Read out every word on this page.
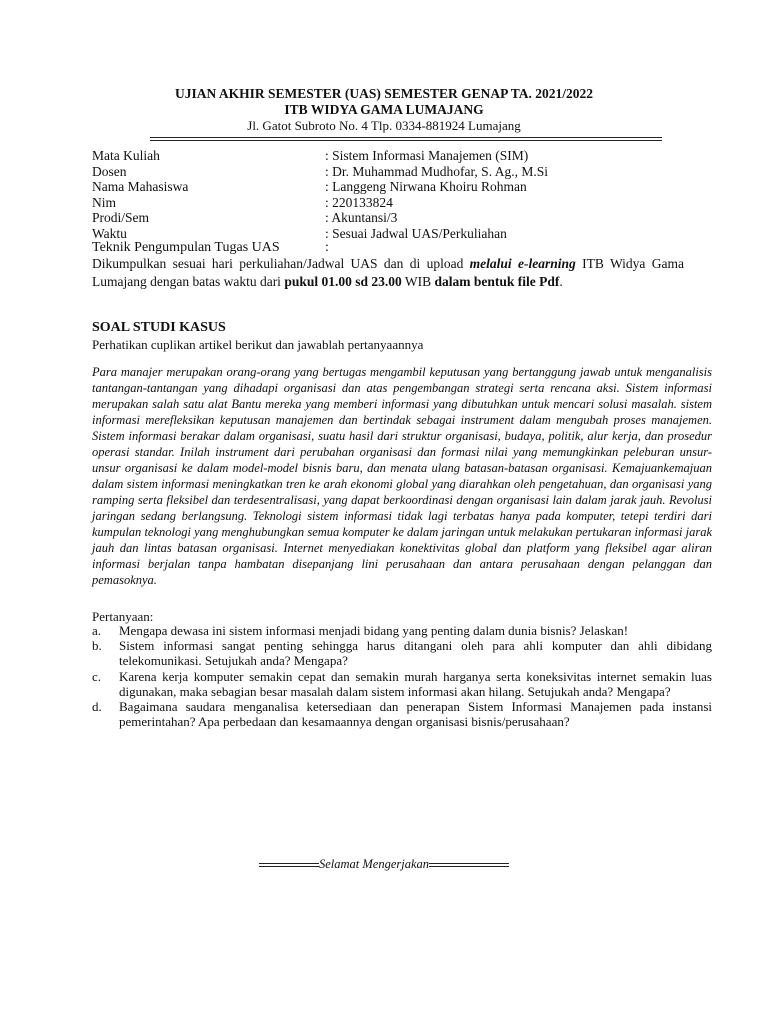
UJIAN AKHIR SEMESTER (UAS) SEMESTER GENAP TA. 2021/2022
ITB WIDYA GAMA LUMAJANG
Jl. Gatot Subroto No. 4 Tlp. 0334-881924 Lumajang
Mata Kuliah	: Sistem Informasi Manajemen (SIM)
Dosen	: Dr. Muhammad Mudhofar, S. Ag., M.Si
Nama Mahasiswa	: Langgeng Nirwana Khoiru Rohman
Nim	: 220133824
Prodi/Sem	: Akuntansi/3
Waktu	: Sesuai Jadwal UAS/Perkuliahan
Teknik Pengumpulan Tugas UAS	:
Dikumpulkan sesuai hari perkuliahan/Jadwal UAS dan di upload melalui e-learning ITB Widya Gama Lumajang dengan batas waktu dari pukul 01.00 sd 23.00 WIB dalam bentuk file Pdf.
SOAL STUDI KASUS
Perhatikan cuplikan artikel berikut dan jawablah pertanyaannya
Para manajer merupakan orang-orang yang bertugas mengambil keputusan yang bertanggung jawab untuk menganalisis tantangan-tantangan yang dihadapi organisasi dan atas pengembangan strategi serta rencana aksi. Sistem informasi merupakan salah satu alat Bantu mereka yang memberi informasi yang dibutuhkan untuk mencari solusi masalah. sistem informasi merefleksikan keputusan manajemen dan bertindak sebagai instrument dalam mengubah proses manajemen. Sistem informasi berakar dalam organisasi, suatu hasil dari struktur organisasi, budaya, politik, alur kerja, dan prosedur operasi standar. Inilah instrument dari perubahan organisasi dan formasi nilai yang memungkinkan peleburan unsur-unsur organisasi ke dalam model-model bisnis baru, dan menata ulang batasan-batasan organisasi. Kemajuankemajuan dalam sistem informasi meningkatkan tren ke arah ekonomi global yang diarahkan oleh pengetahuan, dan organisasi yang ramping serta fleksibel dan terdesentralisasi, yang dapat berkoordinasi dengan organisasi lain dalam jarak jauh. Revolusi jaringan sedang berlangsung. Teknologi sistem informasi tidak lagi terbatas hanya pada komputer, tetepi terdiri dari kumpulan teknologi yang menghubungkan semua komputer ke dalam jaringan untuk melakukan pertukaran informasi jarak jauh dan lintas batasan organisasi. Internet menyediakan konektivitas global dan platform yang fleksibel agar aliran informasi berjalan tanpa hambatan disepanjang lini perusahaan dan antara perusahaan dengan pelanggan dan pemasoknya.
Pertanyaan:
a.	Mengapa dewasa ini sistem informasi menjadi bidang yang penting dalam dunia bisnis? Jelaskan!
b.	Sistem informasi sangat penting sehingga harus ditangani oleh para ahli komputer dan ahli dibidang telekomunikasi. Setujukah anda? Mengapa?
c.	Karena kerja komputer semakin cepat dan semakin murah harganya serta koneksivitas internet semakin luas digunakan, maka sebagian besar masalah dalam sistem informasi akan hilang. Setujukah anda? Mengapa?
d.	Bagaimana saudara menganalisa ketersediaan dan penerapan Sistem Informasi Manajemen pada instansi pemerintahan? Apa perbedaan dan kesamaannya dengan organisasi bisnis/perusahaan?
Selamat Mengerjakan
